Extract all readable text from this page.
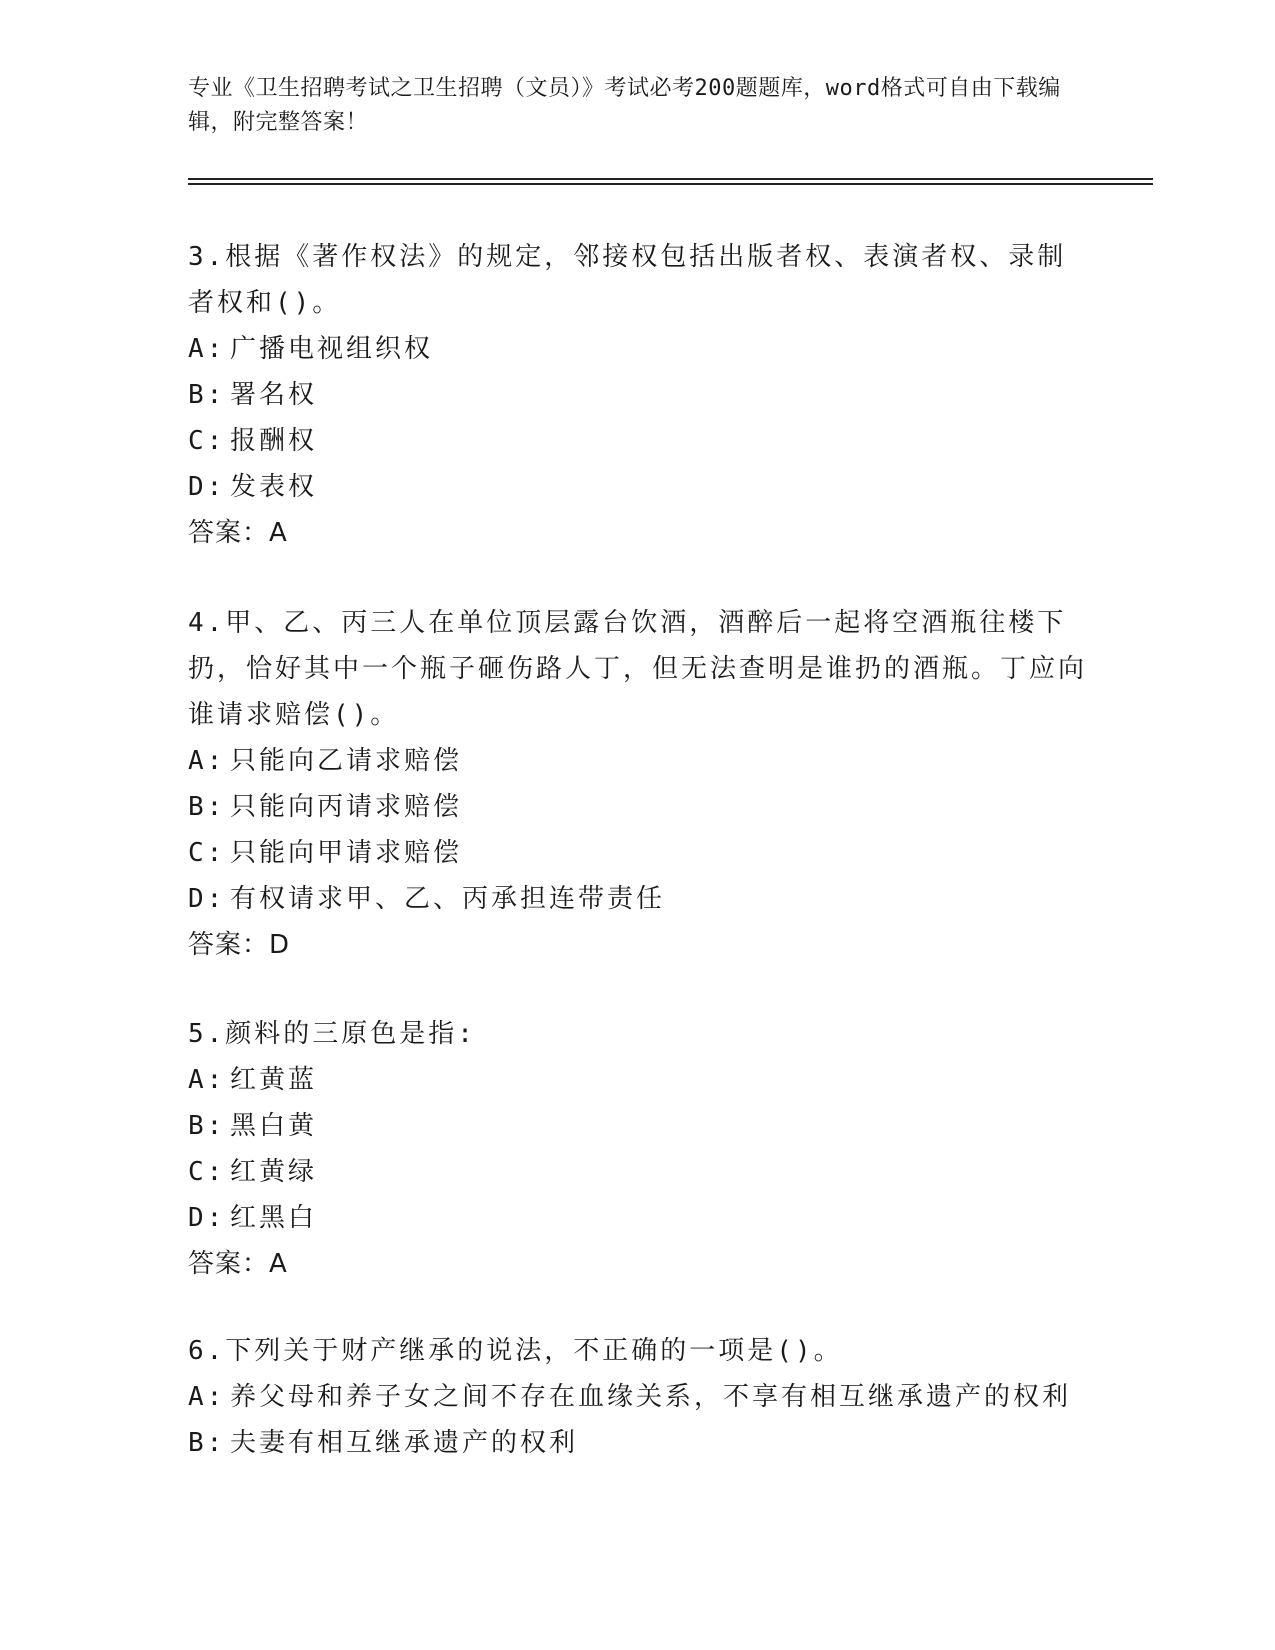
专业《卫生招聘考试之卫生招聘（文员）》考试必考200题题库，word格式可自由下载编辑，附完整答案！
3.根据《著作权法》的规定，邻接权包括出版者权、表演者权、录制者权和()。
A: 广播电视组织权
B: 署名权
C: 报酬权
D: 发表权
答案：A
4.甲、乙、丙三人在单位顶层露台饮酒，酒醉后一起将空酒瓶往楼下扔，恰好其中一个瓶子砸伤路人丁，但无法查明是谁扔的酒瓶。丁应向谁请求赔偿()。
A: 只能向乙请求赔偿
B: 只能向丙请求赔偿
C: 只能向甲请求赔偿
D: 有权请求甲、乙、丙承担连带责任
答案：D
5.颜料的三原色是指:
A: 红黄蓝
B: 黑白黄
C: 红黄绿
D: 红黑白
答案：A
6.下列关于财产继承的说法，不正确的一项是()。
A: 养父母和养子女之间不存在血缘关系，不享有相互继承遗产的权利
B: 夫妻有相互继承遗产的权利
